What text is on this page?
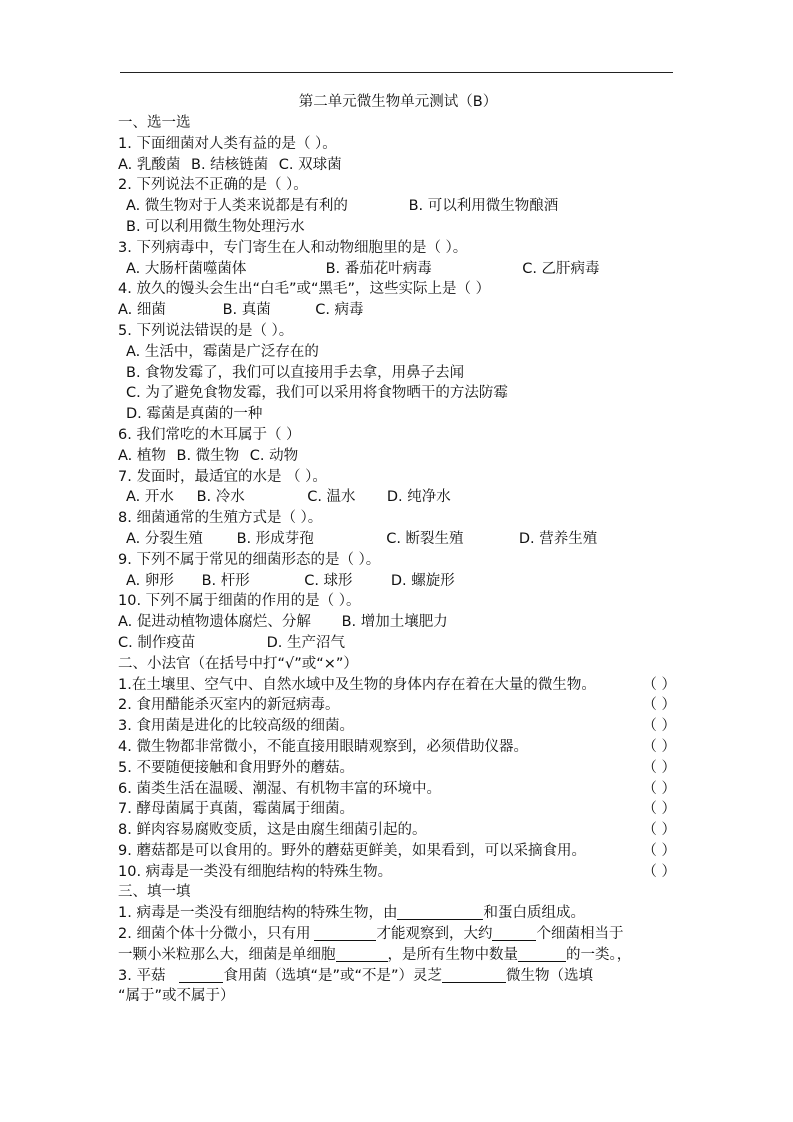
第二单元微生物单元测试（B）
一、选一选
1. 下面细菌对人类有益的是（ ）。
A. 乳酸菌 B. 结核链菌 C. 双球菌
2. 下列说法不正确的是（ ）。
A. 微生物对于人类来说都是有利的	B. 可以利用微生物酿酒
B. 可以利用微生物处理污水
3. 下列病毒中，专门寄生在人和动物细胞里的是（ ）。
A. 大肠杆菌噬菌体	B. 番茄花叶病毒	C. 乙肝病毒
4. 放久的馒头会生出“白毛”或“黑毛”，这些实际上是（ ）
A. 细菌	B. 真菌	C. 病毒
5. 下列说法错误的是（ ）。
A. 生活中，霉菌是广泛存在的
B. 食物发霉了，我们可以直接用手去拿，用鼻子去闻
C. 为了避免食物发霉，我们可以采用将食物晒干的方法防霉
D. 霉菌是真菌的一种
6. 我们常吃的木耳属于（ ）
A. 植物 B. 微生物 C. 动物
7. 发面时，最适宜的水是 （ ）。
A. 开水 B. 冷水	C. 温水 D. 纯净水
8. 细菌通常的生殖方式是（ ）。
A. 分裂生殖 B. 形成芽孢	C. 断裂生殖	D. 营养生殖
9. 下列不属于常见的细菌形态的是（ ）。
A. 卵形 B. 杆形	C. 球形	D. 螺旋形
10. 下列不属于细菌的作用的是（ ）。
A. 促进动植物遗体腐烂、分解 B. 增加土壤肥力
C. 制作疫苗	D. 生产沼气
二、小法官（在括号中打“√”或“×”）
1.在土壤里、空气中、自然水域中及生物的身体内存在着在大量的微生物。	（ ）
2. 食用醋能杀灭室内的新冠病毒。	（ ）
3. 食用菌是进化的比较高级的细菌。	（ ）
4. 微生物都非常微小，不能直接用眼睛观察到，必须借助仪器。	（ ）
5. 不要随便接触和食用野外的蘑菇。	（ ）
6. 菌类生活在温暖、潮湿、有机物丰富的环境中。	（ ）
7. 酵母菌属于真菌，霉菌属于细菌。	（ ）
8. 鲜肉容易腐败变质，这是由腐生细菌引起的。	（ ）
9. 蘑菇都是可以食用的。野外的蘑菇更鲜美，如果看到，可以采摘食用。	（ ）
10. 病毒是一类没有细胞结构的特殊生物。	（ ）
三、填一填
1. 病毒是一类没有细胞结构的特殊生物，由	和蛋白质组成。
2. 细菌个体十分微小，只有用	才能观察到，大约	个细菌相当于
一颗小米粒那么大，细菌是单细胞	，是所有生物中数量	的一类。，
3. 平菇	食用菌（选填“是”或“不是”）灵芝	微生物（选填
“属于”或不属于）
